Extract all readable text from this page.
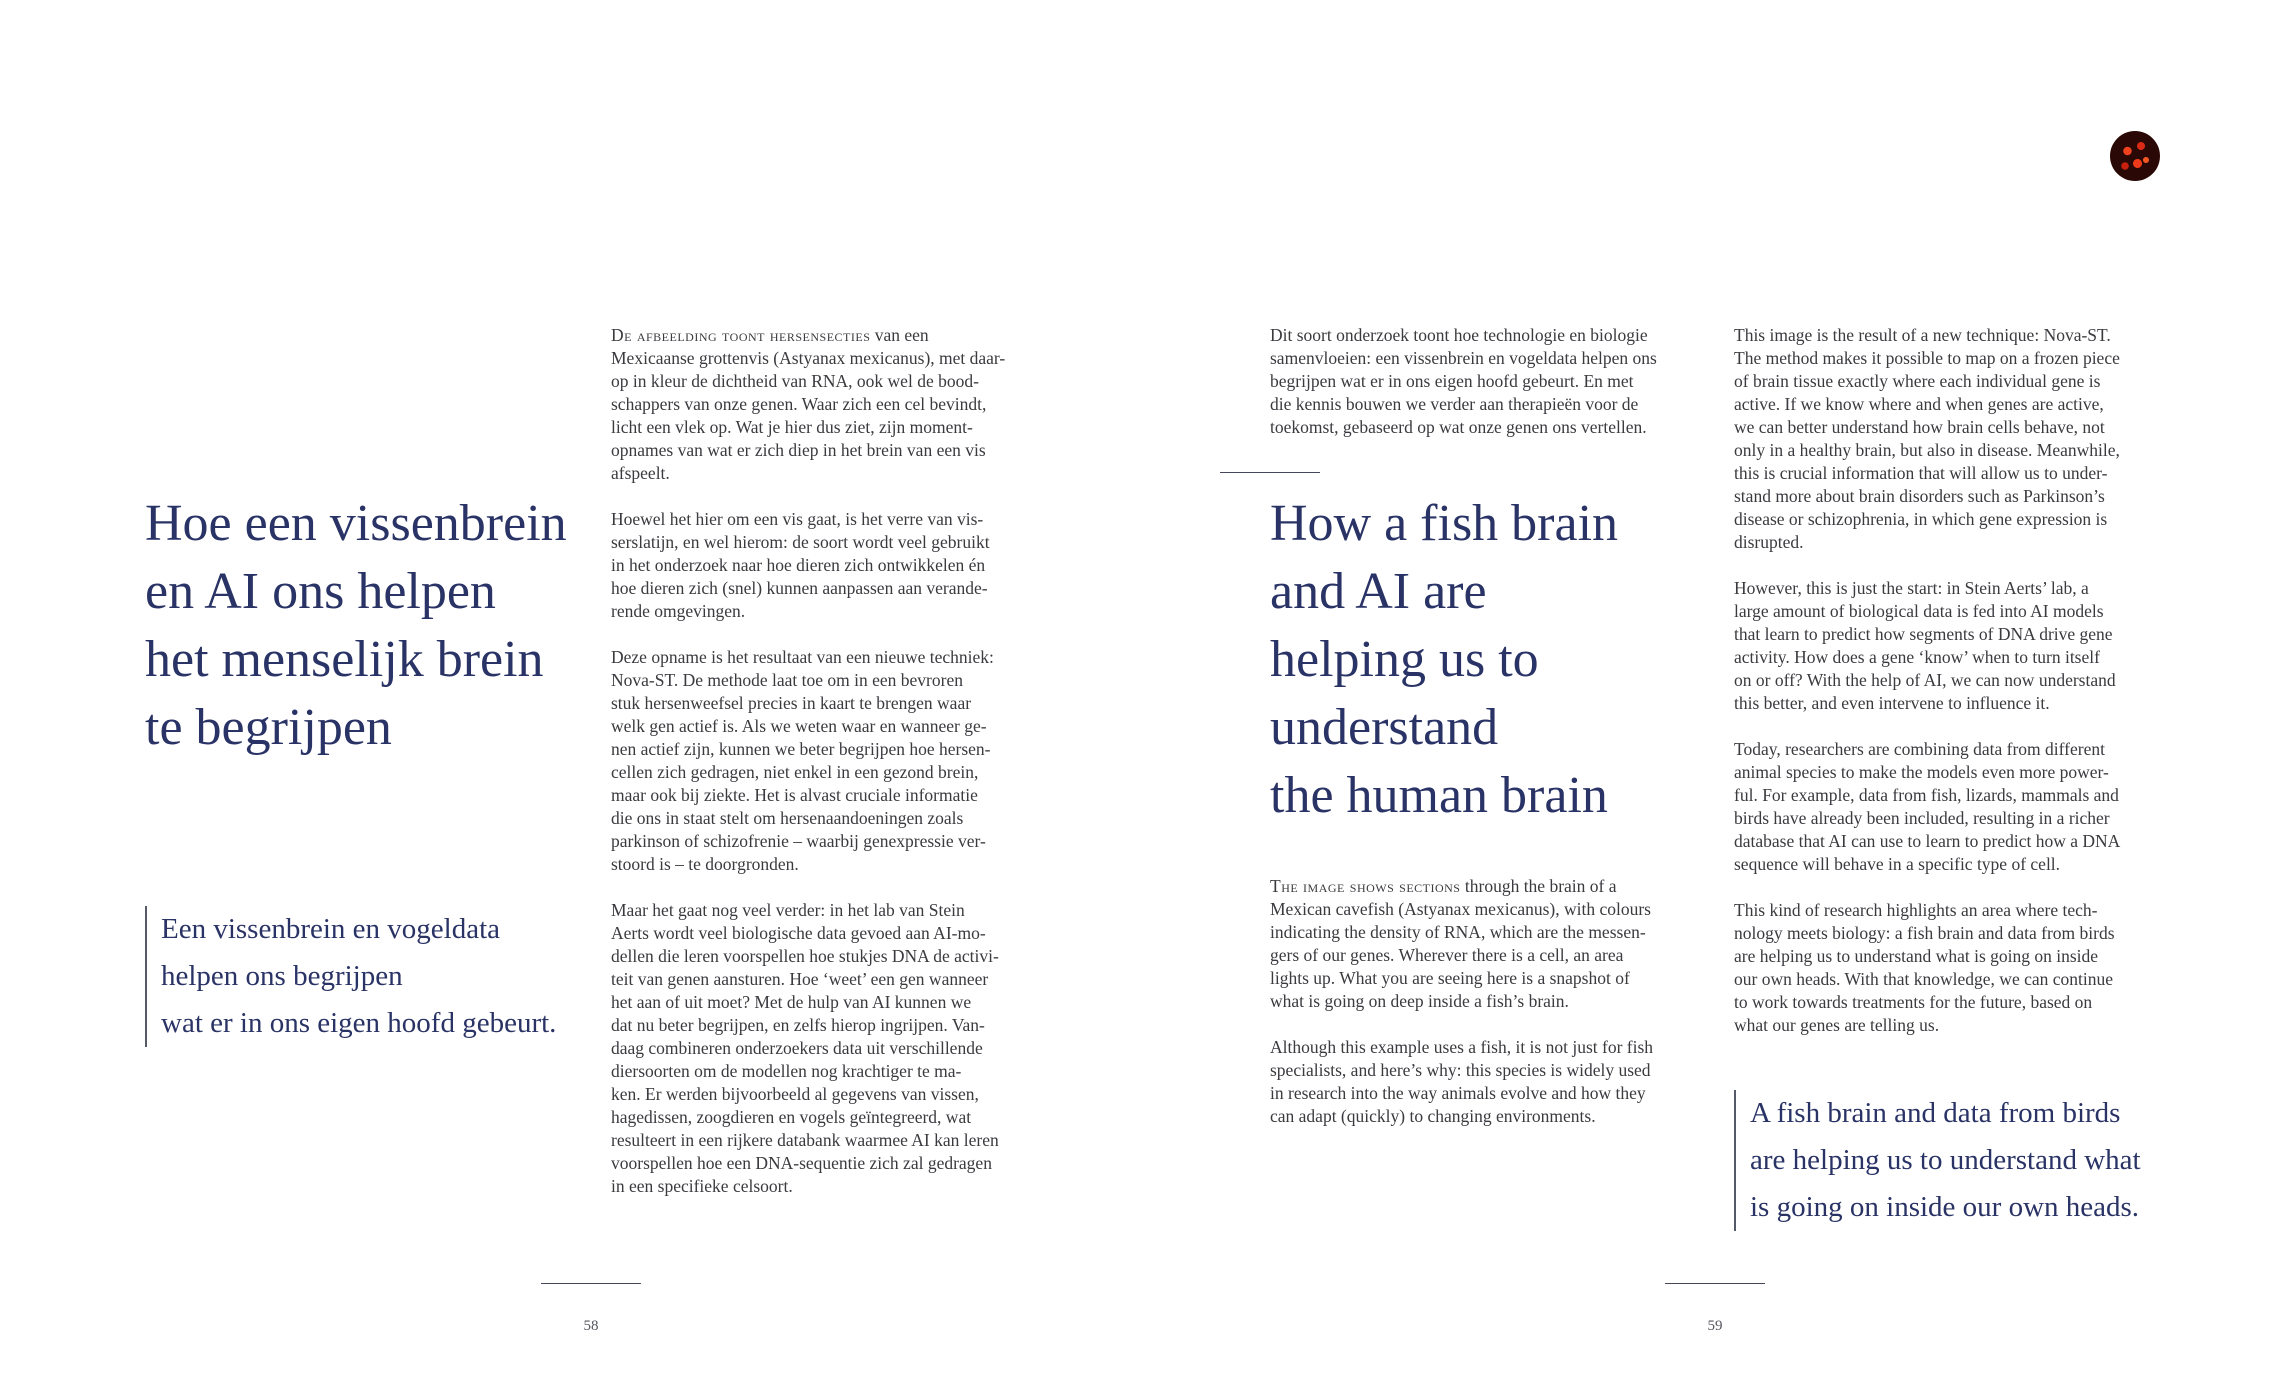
Hoe een vissenbrein
en AI ons helpen
het menselijk brein
te begrijpen
Een vissenbrein en vogeldata
helpen ons begrijpen
wat er in ons eigen hoofd gebeurt.

De afbeelding toont hersensecties van een
Mexicaanse grottenvis (Astyanax mexicanus), met daar-
op in kleur de dichtheid van RNA, ook wel de bood-
schappers van onze genen. Waar zich een cel bevindt,
licht een vlek op. Wat je hier dus ziet, zijn moment-
opnames van wat er zich diep in het brein van een vis
afspeelt.

Hoewel het hier om een vis gaat, is het verre van vis-
serslatijn, en wel hierom: de soort wordt veel gebruikt
in het onderzoek naar hoe dieren zich ontwikkelen én
hoe dieren zich (snel) kunnen aanpassen aan verande-
rende omgevingen.

Deze opname is het resultaat van een nieuwe techniek:
Nova-ST. De methode laat toe om in een bevroren
stuk hersenweefsel precies in kaart te brengen waar
welk gen actief is. Als we weten waar en wanneer ge-
nen actief zijn, kunnen we beter begrijpen hoe hersen-
cellen zich gedragen, niet enkel in een gezond brein,
maar ook bij ziekte. Het is alvast cruciale informatie
die ons in staat stelt om hersenaandoeningen zoals
parkinson of schizofrenie – waarbij genexpressie ver-
stoord is – te doorgronden.

Maar het gaat nog veel verder: in het lab van Stein
Aerts wordt veel biologische data gevoed aan AI-mo-
dellen die leren voorspellen hoe stukjes DNA de activi-
teit van genen aansturen. Hoe ‘weet’ een gen wanneer
het aan of uit moet? Met de hulp van AI kunnen we
dat nu beter begrijpen, en zelfs hierop ingrijpen. Van-
daag combineren onderzoekers data uit verschillende
diersoorten om de modellen nog krachtiger te ma-
ken. Er werden bijvoorbeeld al gegevens van vissen,
hagedissen, zoogdieren en vogels geïntegreerd, wat
resulteert in een rijkere databank waarmee AI kan leren
voorspellen hoe een DNA-sequentie zich zal gedragen
in een specifieke celsoort.

58

Dit soort onderzoek toont hoe technologie en biologie
samenvloeien: een vissenbrein en vogeldata helpen ons
begrijpen wat er in ons eigen hoofd gebeurt. En met
die kennis bouwen we verder aan therapieën voor de
toekomst, gebaseerd op wat onze genen ons vertellen.

How a fish brain
and AI are
helping us to
understand
the human brain

The image shows sections through the brain of a
Mexican cavefish (Astyanax mexicanus), with colours
indicating the density of RNA, which are the messen-
gers of our genes. Wherever there is a cell, an area
lights up. What you are seeing here is a snapshot of
what is going on deep inside a fish’s brain.

Although this example uses a fish, it is not just for fish
specialists, and here’s why: this species is widely used
in research into the way animals evolve and how they
can adapt (quickly) to changing environments.

This image is the result of a new technique: Nova-ST.
The method makes it possible to map on a frozen piece
of brain tissue exactly where each individual gene is
active. If we know where and when genes are active,
we can better understand how brain cells behave, not
only in a healthy brain, but also in disease. Meanwhile,
this is crucial information that will allow us to under-
stand more about brain disorders such as Parkinson’s
disease or schizophrenia, in which gene expression is
disrupted.

However, this is just the start: in Stein Aerts’ lab, a
large amount of biological data is fed into AI models
that learn to predict how segments of DNA drive gene
activity. How does a gene ‘know’ when to turn itself
on or off? With the help of AI, we can now understand
this better, and even intervene to influence it.

Today, researchers are combining data from different
animal species to make the models even more power-
ful. For example, data from fish, lizards, mammals and
birds have already been included, resulting in a richer
database that AI can use to learn to predict how a DNA
sequence will behave in a specific type of cell.

This kind of research highlights an area where tech-
nology meets biology: a fish brain and data from birds
are helping us to understand what is going on inside
our own heads. With that knowledge, we can continue
to work towards treatments for the future, based on
what our genes are telling us.

A fish brain and data from birds
are helping us to understand what
is going on inside our own heads.
59
